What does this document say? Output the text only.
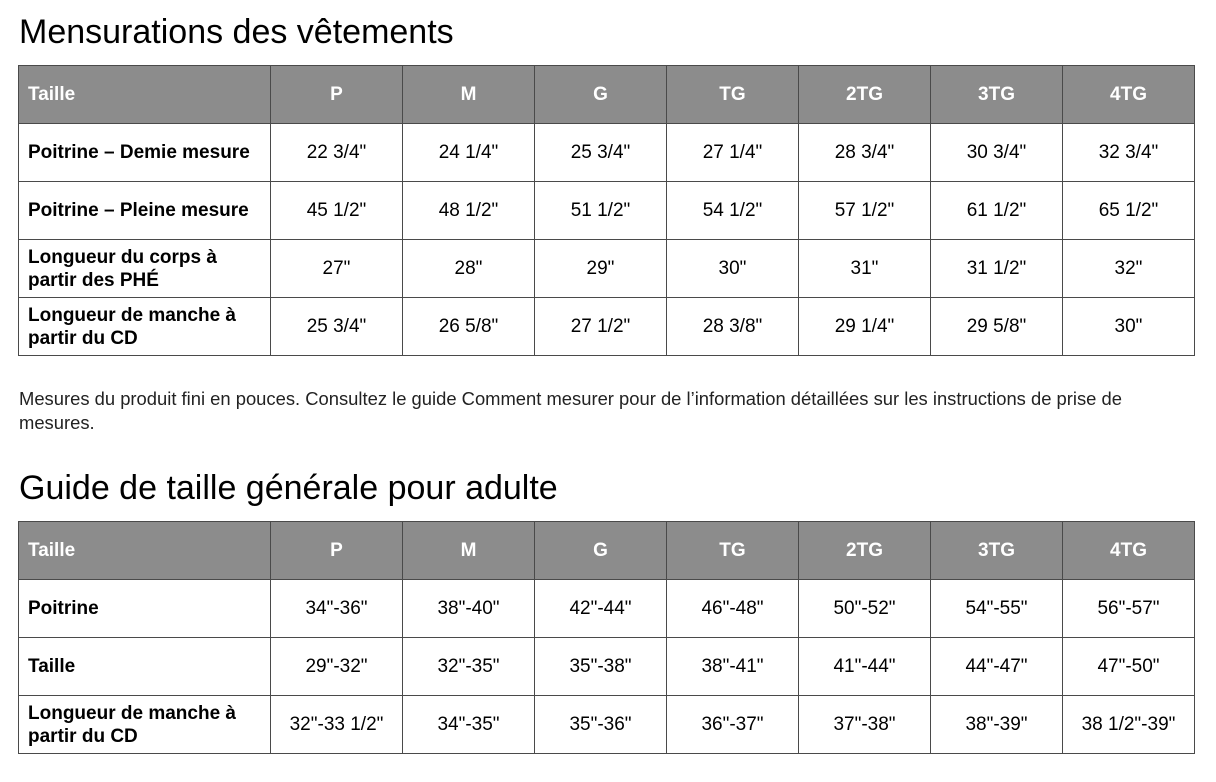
Mensurations des vêtements
Taille	P	M	G	TG	2TG	3TG	4TG
Poitrine – Demie mesure	22 3/4"	24 1/4"	25 3/4"	27 1/4"	28 3/4"	30 3/4"	32 3/4"
Poitrine – Pleine mesure	45 1/2"	48 1/2"	51 1/2"	54 1/2"	57 1/2"	61 1/2"	65 1/2"
Longueur du corps à partir des PHÉ	27"	28"	29"	30"	31"	31 1/2"	32"
Longueur de manche à partir du CD	25 3/4"	26 5/8"	27 1/2"	28 3/8"	29 1/4"	29 5/8"	30"

Mesures du produit fini en pouces. Consultez le guide Comment mesurer pour de l’information détaillées sur les instructions de prise de mesures.

Guide de taille générale pour adulte
Taille	P	M	G	TG	2TG	3TG	4TG
Poitrine	34"-36"	38"-40"	42"-44"	46"-48"	50"-52"	54"-55"	56"-57"
Taille	29"-32"	32"-35"	35"-38"	38"-41"	41"-44"	44"-47"	47"-50"
Longueur de manche à partir du CD	32"-33 1/2"	34"-35"	35"-36"	36"-37"	37"-38"	38"-39"	38 1/2"-39"
